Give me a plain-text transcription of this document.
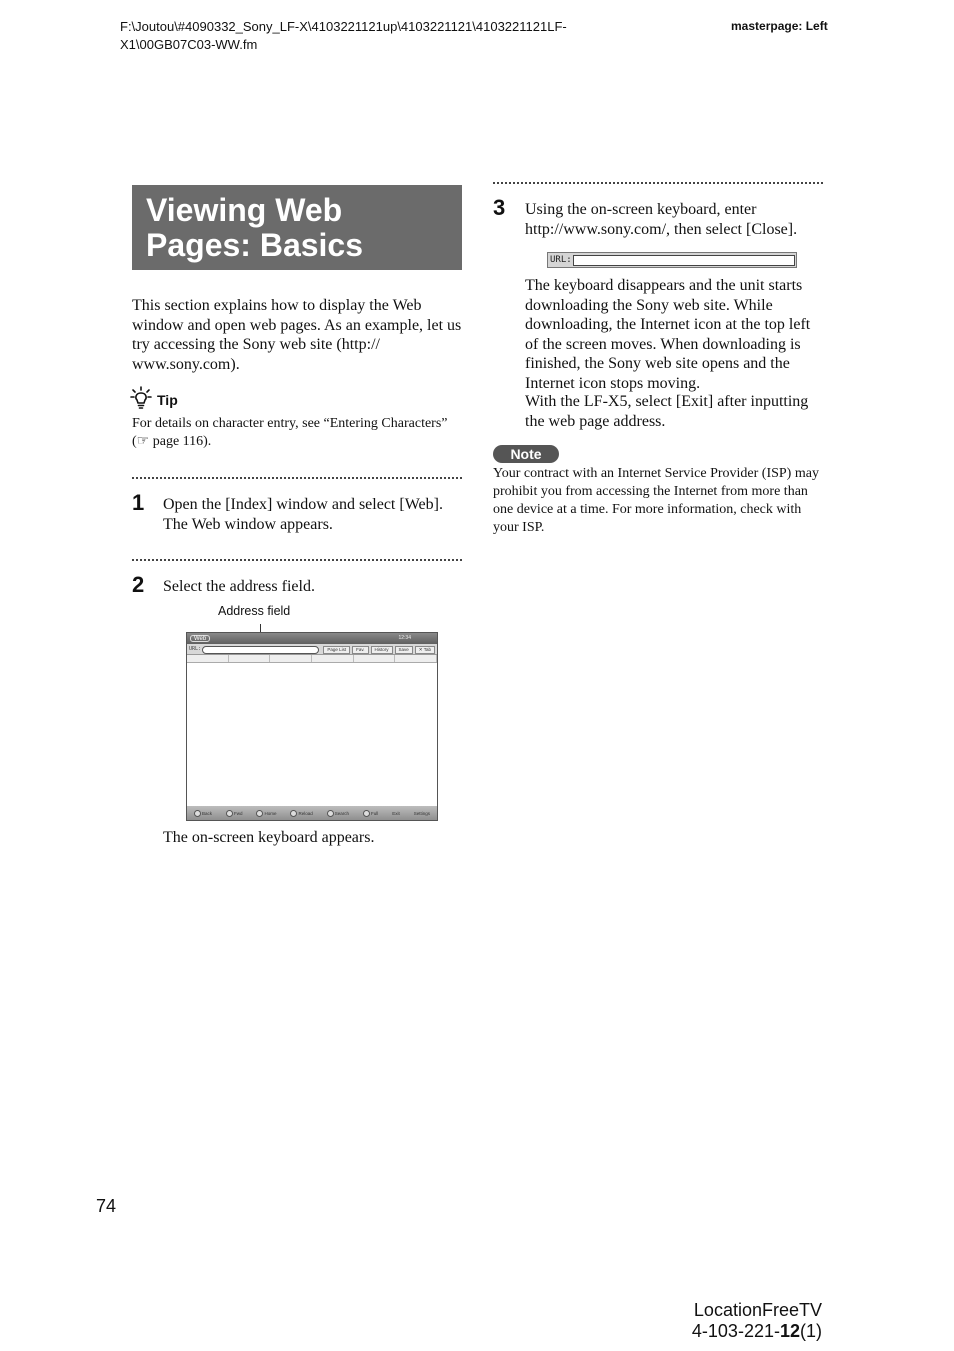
F:\Joutou\#4090332_Sony_LF-X\4103221121up\4103221121\4103221121LF-X1\00GB07C03-WW.fm
masterpage: Left
Viewing Web
Pages: Basics

This section explains how to display the Web window and open web pages. As an example, let us try accessing the Sony web site (http:// www.sony.com).

Tip

For details on character entry, see “Entering Characters” (☞ page 116).

1 Open the [Index] window and select [Web]. The Web window appears.

2 Select the address field.

Address field
Web	12:34
URL:	Page List	Fav.	History	Save	✕ Tab
Back	Fwd	Home	Reload	Search	Full	Exit	Settings

The on-screen keyboard appears.

3 Using the on-screen keyboard, enter http://www.sony.com/, then select [Close].

URL:

The keyboard disappears and the unit starts downloading the Sony web site. While downloading, the Internet icon at the top left of the screen moves. When downloading is finished, the Sony web site opens and the Internet icon stops moving.

With the LF-X5, select [Exit] after inputting the web page address.

Note

Your contract with an Internet Service Provider (ISP) may prohibit you from accessing the Internet from more than one device at a time. For more information, check with your ISP.

74
LocationFreeTV
4-103-221-12(1)
